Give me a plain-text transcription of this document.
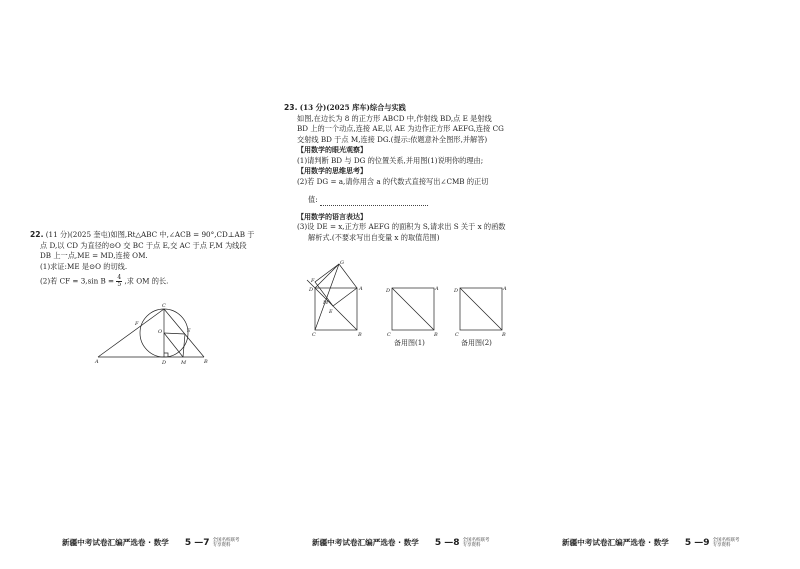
22. (11 分)(2025 奎屯)如图,Rt△ABC 中,∠ACB = 90°,CD⊥AB 于
点 D,以 CD 为直径的⊙O 交 BC 于点 E,交 AC 于点 F,M 为线段
DB 上一点,ME = MD,连接 OM.
(1)求证:ME 是⊙O 的切线.
(2)若 CF = 3,sin $B = \frac{4}{5}$ ,求 OM 的长.
C
O
F
E
A	D	M	B
23. (13 分)(2025 库车)综合与实践
如图,在边长为 8 的正方形 ABCD 中,作射线 BD,点 E 是射线
BD 上的一个动点,连接 AE,以 AE 为边作正方形 AEFG,连接 CG
交射线 BD 于点 M,连接 DG.(提示:依题意补全图形,并解答)
【用数学的眼光观察】
(1)请判断 BD 与 DG 的位置关系,并用图(1)说明你的理由;
【用数学的思维思考】
(2)若 DG = a,请你用含 a 的代数式直接写出∠CMB 的正切
值:
【用数学的语言表达】
(3)设 DE = x,正方形 AEFG 的面积为 S,请求出 S 关于 x 的函数
解析式.(不要求写出自变量 x 的取值范围)
G
F
D	A
M
E
C	B
D	A
C	B
备用图(1)
D	A
C	B
备用图(2)
新疆中考试卷汇编严选卷 · 数学 5 —7 全国名校联考
专享资料	新疆中考试卷汇编严选卷 · 数学 5 —8 全国名校联考
专享资料	新疆中考试卷汇编严选卷 · 数学 5 —9 全国名校联考
专享资料
